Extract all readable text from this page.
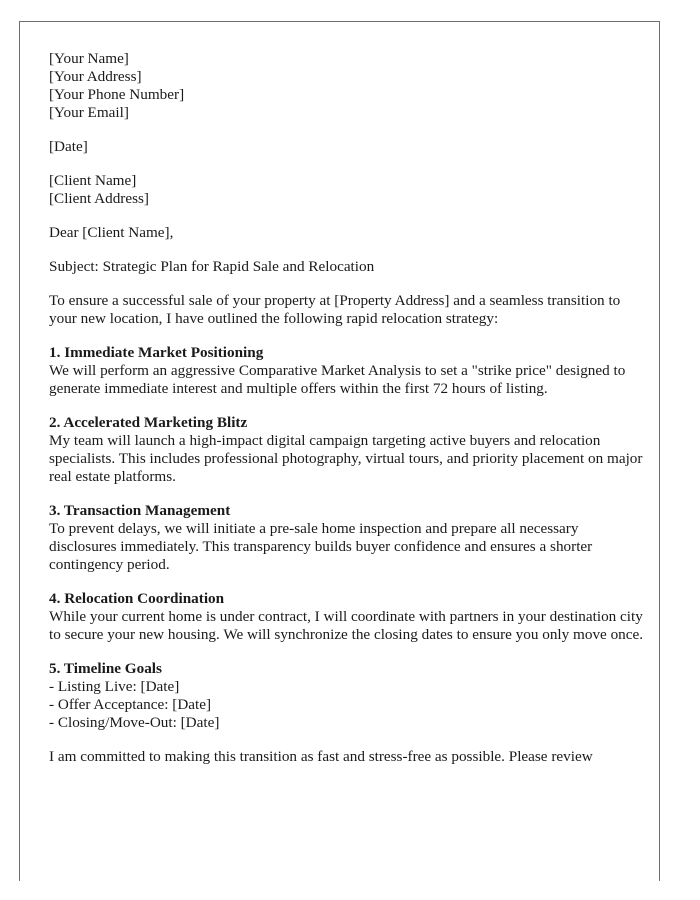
[Your Name]
[Your Address]
[Your Phone Number]
[Your Email]
[Date]
[Client Name]
[Client Address]

Dear [Client Name],

Subject: Strategic Plan for Rapid Sale and Relocation

To ensure a successful sale of your property at [Property Address] and a seamless transition to your new location, I have outlined the following rapid relocation strategy:

1. Immediate Market Positioning
We will perform an aggressive Comparative Market Analysis to set a "strike price" designed to generate immediate interest and multiple offers within the first 72 hours of listing.
2. Accelerated Marketing Blitz
My team will launch a high-impact digital campaign targeting active buyers and relocation specialists. This includes professional photography, virtual tours, and priority placement on major real estate platforms.
3. Transaction Management
To prevent delays, we will initiate a pre-sale home inspection and prepare all necessary disclosures immediately. This transparency builds buyer confidence and ensures a shorter contingency period.
4. Relocation Coordination
While your current home is under contract, I will coordinate with partners in your destination city to secure your new housing. We will synchronize the closing dates to ensure you only move once.
5. Timeline Goals
- Listing Live: [Date]
- Offer Acceptance: [Date]
- Closing/Move-Out: [Date]

I am committed to making this transition as fast and stress-free as possible. Please review
